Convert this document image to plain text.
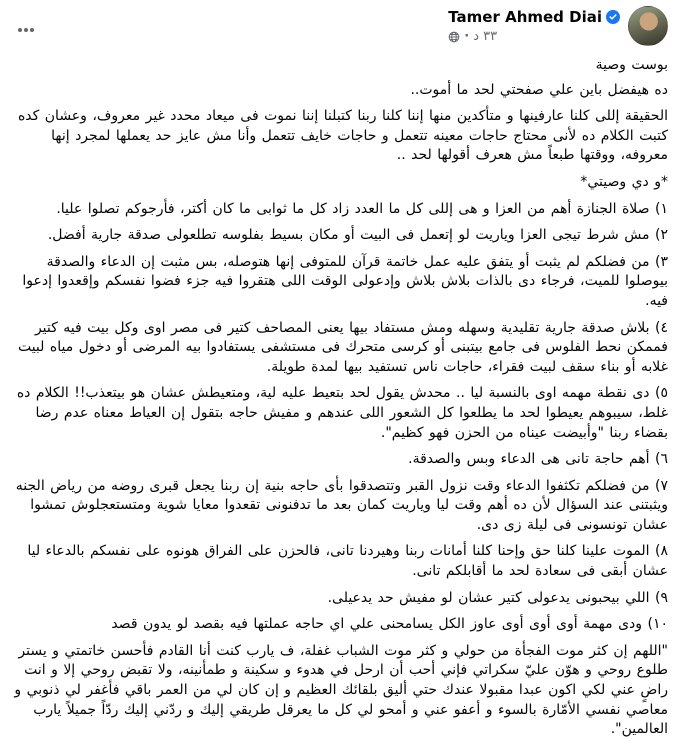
Tamer Ahmed Diai
٣٣ د
·

بوست وصية

ده هيفضل باين علي صفحتي لحد ما أموت..

الحقيقة إللى كلنا عارفينها و متأكدين منها إننا كلنا ربنا كتبلنا إننا نموت فى ميعاد محدد غير معروف، وعشان كده كتبت الكلام ده لأنى محتاج حاجات معينه تتعمل و حاجات خايف تتعمل وأنا مش عايز حد يعملها لمجرد إنها معروفه، ووقتها طبعاً مش هعرف أقولها لحد ..

*و دي وصيتي*

١) صلاة الجنازة أهم من العزا و هى إللى كل ما العدد زاد كل ما ثوابى ما كان أكتر، فأرجوكم تصلوا عليا.

٢) مش شرط تيجى العزا وياريت لو إتعمل فى البيت أو مكان بسيط بفلوسه تطلعولى صدقة جارية أفضل.

٣) من فضلكم لم يثبت أو يتفق عليه عمل خاتمة قرآن للمتوفى إنها هتوصله، بس مثبت إن الدعاء والصدقة بيوصلوا للميت، فرجاء دى بالذات بلاش بلاش وإدعولى الوقت اللى هتقروا فيه جزء فضوا نفسكم وإقعدوا إدعوا فيه.

٤) بلاش صدقة جارية تقليدية وسهله ومش مستفاد بيها يعنى المصاحف كتير فى مصر اوى وكل بيت فيه كتير فممكن نحط الفلوس فى جامع بيتبنى أو كرسى متحرك فى مستشفى يستفادوا بيه المرضى أو دخول مياه لبيت غلابه أو بناء سقف لبيت فقراء، حاجات ناس تستفيد بيها لمدة طويلة.

٥) دى نقطة مهمه اوى بالنسبة ليا .. محدش يقول لحد بتعيط عليه لية، ومتعيطش عشان هو بيتعذب!! الكلام ده غلط، سيبوهم يعيطوا لحد ما يطلعوا كل الشعور اللى عندهم و مفيش حاجه بتقول إن العياط معناه عدم رضا بقضاء ربنا "وأبيضت عيناه من الحزن فهو كظيم".

٦) أهم حاجة تانى هى الدعاء وبس والصدقة.

٧) من فضلكم تكثفوا الدعاء وقت نزول القبر وتتصدقوا بأى حاجه بنية إن ربنا يجعل قبرى روضه من رياض الجنه ويثبتنى عند السؤال لأن ده أهم وقت ليا وياريت كمان بعد ما تدفنونى تقعدوا معايا شوية ومتستعجلوش تمشوا عشان تونسونى فى ليلة زى دى.

٨) الموت علينا كلنا حق وإحنا كلنا أمانات ربنا وهيردنا تانى، فالحزن على الفراق هونوه على نفسكم بالدعاء ليا عشان أبقى فى سعادة لحد ما أقابلكم تانى.

٩) اللي بيحبونى يدعولى كتير عشان لو مفيش حد يدعيلى.

١٠) ودى مهمة أوى أوى أوى عاوز الكل يسامحنى علي اي حاجه عملتها فيه بقصد لو يدون قصد

"اللهم إن كثر موت الفجأة من حولي و كثر موت الشباب غفلة، ف يارب كنت أنا القادم فأحسن خاتمتي و يستر طلوع روحي و هوّن عليّ سكراتي فإني أحب أن ارحل في هدوء و سكينة و طمأنينه، ولا تقبض روحي إلا و انت راضٍ عني لكي اكون عبدا مقبولا عندك حتي أليق بلقائك العظيم و إن كان لي من العمر باقي فأغفر لي ذنوبي و معاصي نفسي الأمّارة بالسوء و أعفو عني و أمحو لي كل ما يعرقل طريقي إليك و ردّني إليك ردّاً جميلاً يارب العالمين".
